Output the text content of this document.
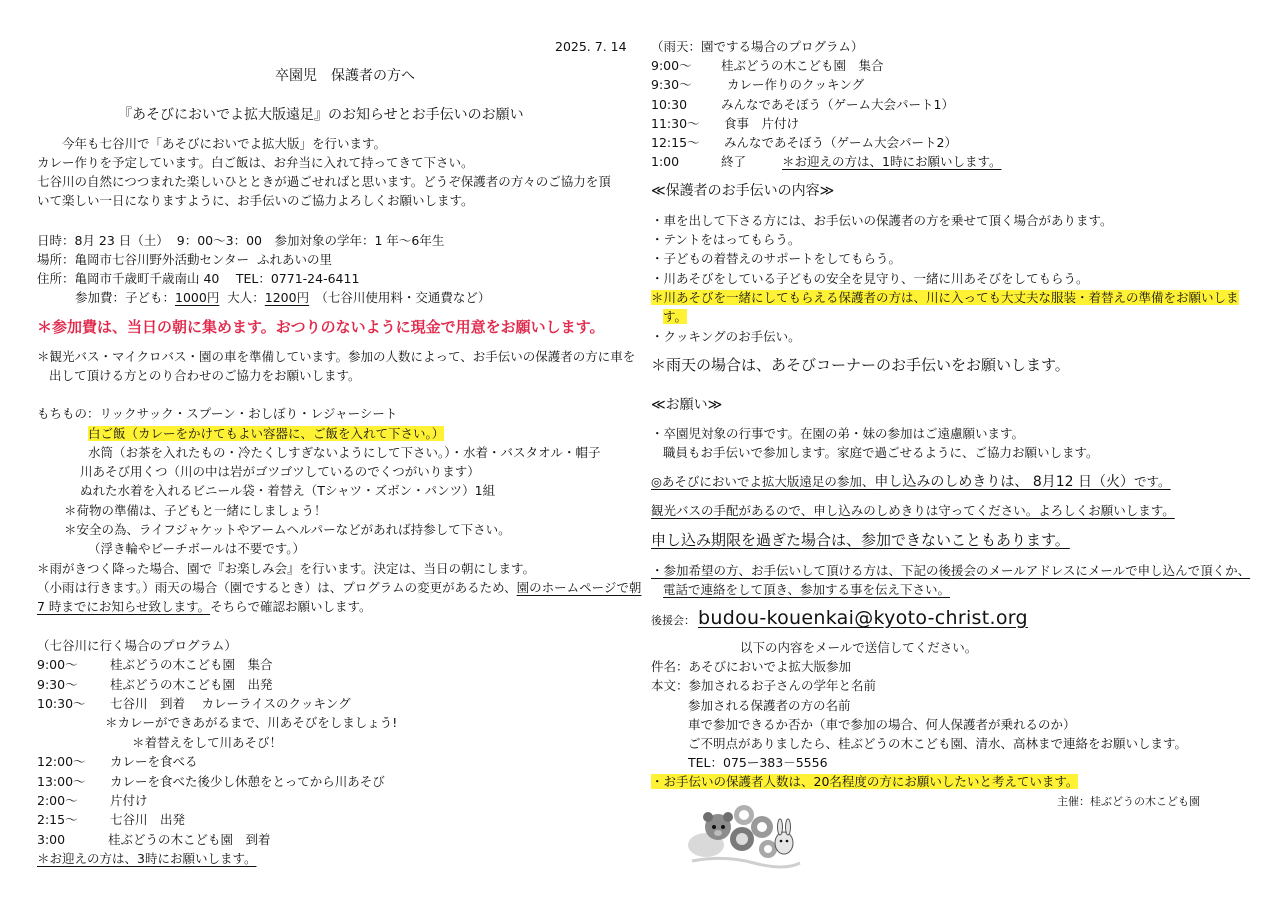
2025. 7. 14
卒園児　保護者の方へ
『あそびにおいでよ拡大版遠足』のお知らせとお手伝いのお願い
今年も七谷川で「あそびにおいでよ拡大版」を行います。
カレー作りを予定しています。白ご飯は、お弁当に入れて持ってきて下さい。
七谷川の自然につつまれた楽しいひとときが過ごせればと思います。どうぞ保護者の方々のご協力を頂
いて楽しい一日になりますように、お手伝いのご協力よろしくお願いします。
日時：8月 23 日（土）  9：00～3：00　参加対象の学年：1 年～6年生
場所：亀岡市七谷川野外活動センター  ふれあいの里
住所：亀岡市千歳町千歳南山 40　 TEL：0771-24-6411
参加費：子ども：1000円  大人：1200円　（七谷川使用料・交通費など）
＊参加費は、当日の朝に集めます。おつりのないように現金で用意をお願いします。
＊観光バス・マイクロバス・園の車を準備しています。参加の人数によって、お手伝いの保護者の方に車を
出して頂ける方とのり合わせのご協力をお願いします。
もちもの：リックサック・スプーン・おしぼり・レジャーシート
白ご飯（カレーをかけてもよい容器に、ご飯を入れて下さい。）
水筒（お茶を入れたもの・冷たくしすぎないようにして下さい。）・水着・バスタオル・帽子
川あそび用くつ（川の中は岩がゴツゴツしているのでくつがいります）
ぬれた水着を入れるビニール袋・着替え（Tシャツ・ズボン・パンツ）1組
＊荷物の準備は、子どもと一緒にしましょう！
＊安全の為、ライフジャケットやアームヘルパーなどがあれば持参して下さい。
（浮き輪やビーチボールは不要です。）
＊雨がきつく降った場合、園で『お楽しみ会』を行います。決定は、当日の朝にします。
（小雨は行きます。）雨天の場合（園でするとき）は、プログラムの変更があるため、園のホームページで朝
7 時までにお知らせ致します。そちらで確認お願いします。
（七谷川に行く場合のプログラム）
9:00～	桂ぶどうの木こども園　集合
9:30～	桂ぶどうの木こども園　出発
10:30～ 七谷川　到着　 カレーライスのクッキング
＊カレーができあがるまで、川あそびをしましょう!
＊着替えをして川あそび！
12:00～ カレーを食べる
13:00～ カレーを食べた後少し休憩をとってから川あそび
2:00～	片付け
2:15～	七谷川　出発
3:00	桂ぶどうの木こども園　到着
＊お迎えの方は、3時にお願いします。
（雨天：園でする場合のプログラム）
9:00～ 桂ぶどうの木こども園　集合
9:30～	カレー作りのクッキング
10:30	みんなであそぼう（ゲーム大会パート1）
11:30～ 食事　片付け
12:15～ みんなであそぼう（ゲーム大会パート2）
1:00	終了	＊お迎えの方は、1時にお願いします。
≪保護者のお手伝いの内容≫
・車を出して下さる方には、お手伝いの保護者の方を乗せて頂く場合があります。
・テントをはってもらう。
・子どもの着替えのサポートをしてもらう。
・川あそびをしている子どもの安全を見守り、一緒に川あそびをしてもらう。
＊川あそびを一緒にしてもらえる保護者の方は、川に入っても大丈夫な服装・着替えの準備をお願いしま
す。
・クッキングのお手伝い。
＊雨天の場合は、あそびコーナーのお手伝いをお願いします。
≪お願い≫
・卒園児対象の行事です。在園の弟・妹の参加はご遠慮願います。
職員もお手伝いで参加します。家庭で過ごせるように、ご協力お願いします。
◎あそびにおいでよ拡大版遠足の参加、申し込みのしめきりは、 8月12 日（火）です。
観光バスの手配があるので、申し込みのしめきりは守ってください。よろしくお願いします。
申し込み期限を過ぎた場合は、参加できないこともあります。
・参加希望の方、お手伝いして頂ける方は、下記の後援会のメールアドレスにメールで申し込んで頂くか、
電話で連絡をして頂き、参加する事を伝え下さい。
後援会： budou-kouenkai@kyoto-christ.org
以下の内容をメールで送信してください。
件名：あそびにおいでよ拡大版参加
本文：参加されるお子さんの学年と名前
参加される保護者の方の名前
車で参加できるか否か（車で参加の場合、何人保護者が乗れるのか）
ご不明点がありましたら、桂ぶどうの木こども園、清水、高林まで連絡をお願いします。
TEL：075ー383－5556
・お手伝いの保護者人数は、20名程度の方にお願いしたいと考えています。
主催：桂ぶどうの木こども園
